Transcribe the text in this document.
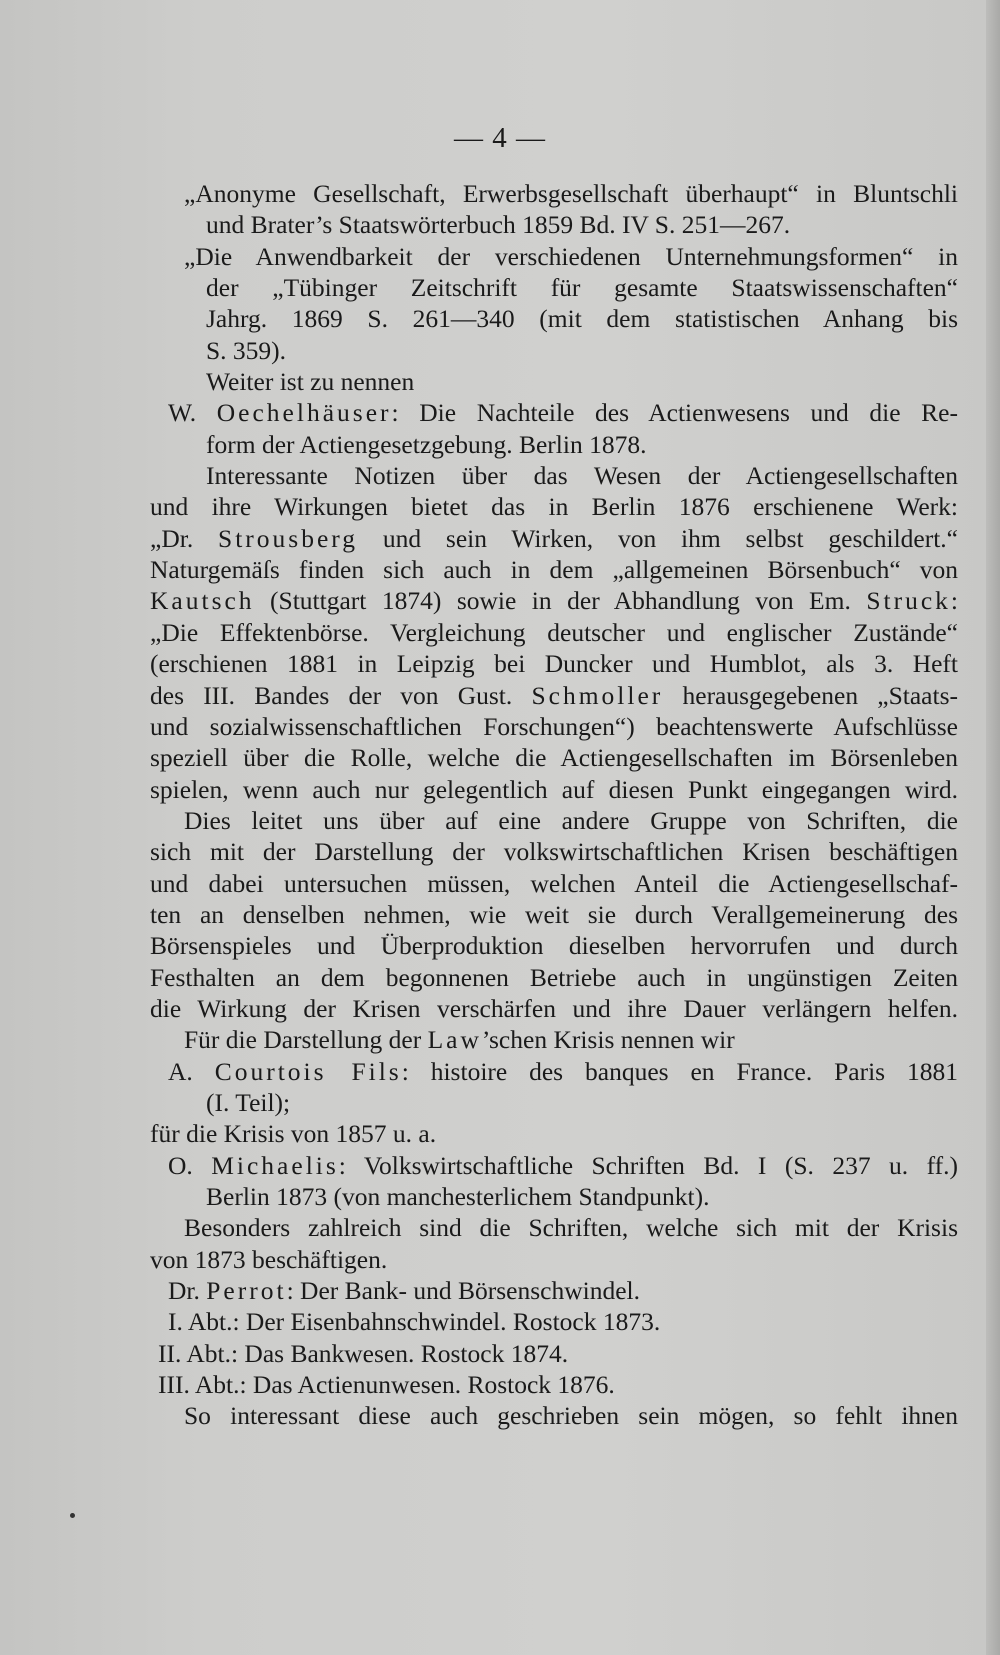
— 4 —
„Anonyme Gesellschaft, Erwerbsgesellschaft überhaupt“ in Bluntschli
und Brater’s Staatswörterbuch 1859 Bd. IV S. 251—267.
„Die Anwendbarkeit der verschiedenen Unternehmungsformen“ in
der „Tübinger Zeitschrift für gesamte Staatswissenschaften“
Jahrg. 1869 S. 261—340 (mit dem statistischen Anhang bis
S. 359).
Weiter ist zu nennen
W. Oechelhäuser: Die Nachteile des Actienwesens und die Re-
form der Actiengesetzgebung. Berlin 1878.
Interessante Notizen über das Wesen der Actiengesellschaften
und ihre Wirkungen bietet das in Berlin 1876 erschienene Werk:
„Dr. Strousberg und sein Wirken, von ihm selbst geschildert.“
Naturgemäſs finden sich auch in dem „allgemeinen Börsenbuch“ von
Kautsch (Stuttgart 1874) sowie in der Abhandlung von Em. Struck:
„Die Effektenbörse. Vergleichung deutscher und englischer Zustände“
(erschienen 1881 in Leipzig bei Duncker und Humblot, als 3. Heft
des III. Bandes der von Gust. Schmoller herausgegebenen „Staats-
und sozialwissenschaftlichen Forschungen“) beachtenswerte Aufschlüsse
speziell über die Rolle, welche die Actiengesellschaften im Börsenleben
spielen, wenn auch nur gelegentlich auf diesen Punkt eingegangen wird.
Dies leitet uns über auf eine andere Gruppe von Schriften, die
sich mit der Darstellung der volkswirtschaftlichen Krisen beschäftigen
und dabei untersuchen müssen, welchen Anteil die Actiengesellschaf-
ten an denselben nehmen, wie weit sie durch Verallgemeinerung des
Börsenspieles und Überproduktion dieselben hervorrufen und durch
Festhalten an dem begonnenen Betriebe auch in ungünstigen Zeiten
die Wirkung der Krisen verschärfen und ihre Dauer verlängern helfen.
Für die Darstellung der Law’schen Krisis nennen wir
A. Courtois Fils: histoire des banques en France. Paris 1881
(I. Teil);
für die Krisis von 1857 u. a.
O. Michaelis: Volkswirtschaftliche Schriften Bd. I (S. 237 u. ff.)
Berlin 1873 (von manchesterlichem Standpunkt).
Besonders zahlreich sind die Schriften, welche sich mit der Krisis
von 1873 beschäftigen.
Dr. Perrot: Der Bank- und Börsenschwindel.
I. Abt.: Der Eisenbahnschwindel. Rostock 1873.
II. Abt.: Das Bankwesen. Rostock 1874.
III. Abt.: Das Actienunwesen. Rostock 1876.
So interessant diese auch geschrieben sein mögen, so fehlt ihnen
